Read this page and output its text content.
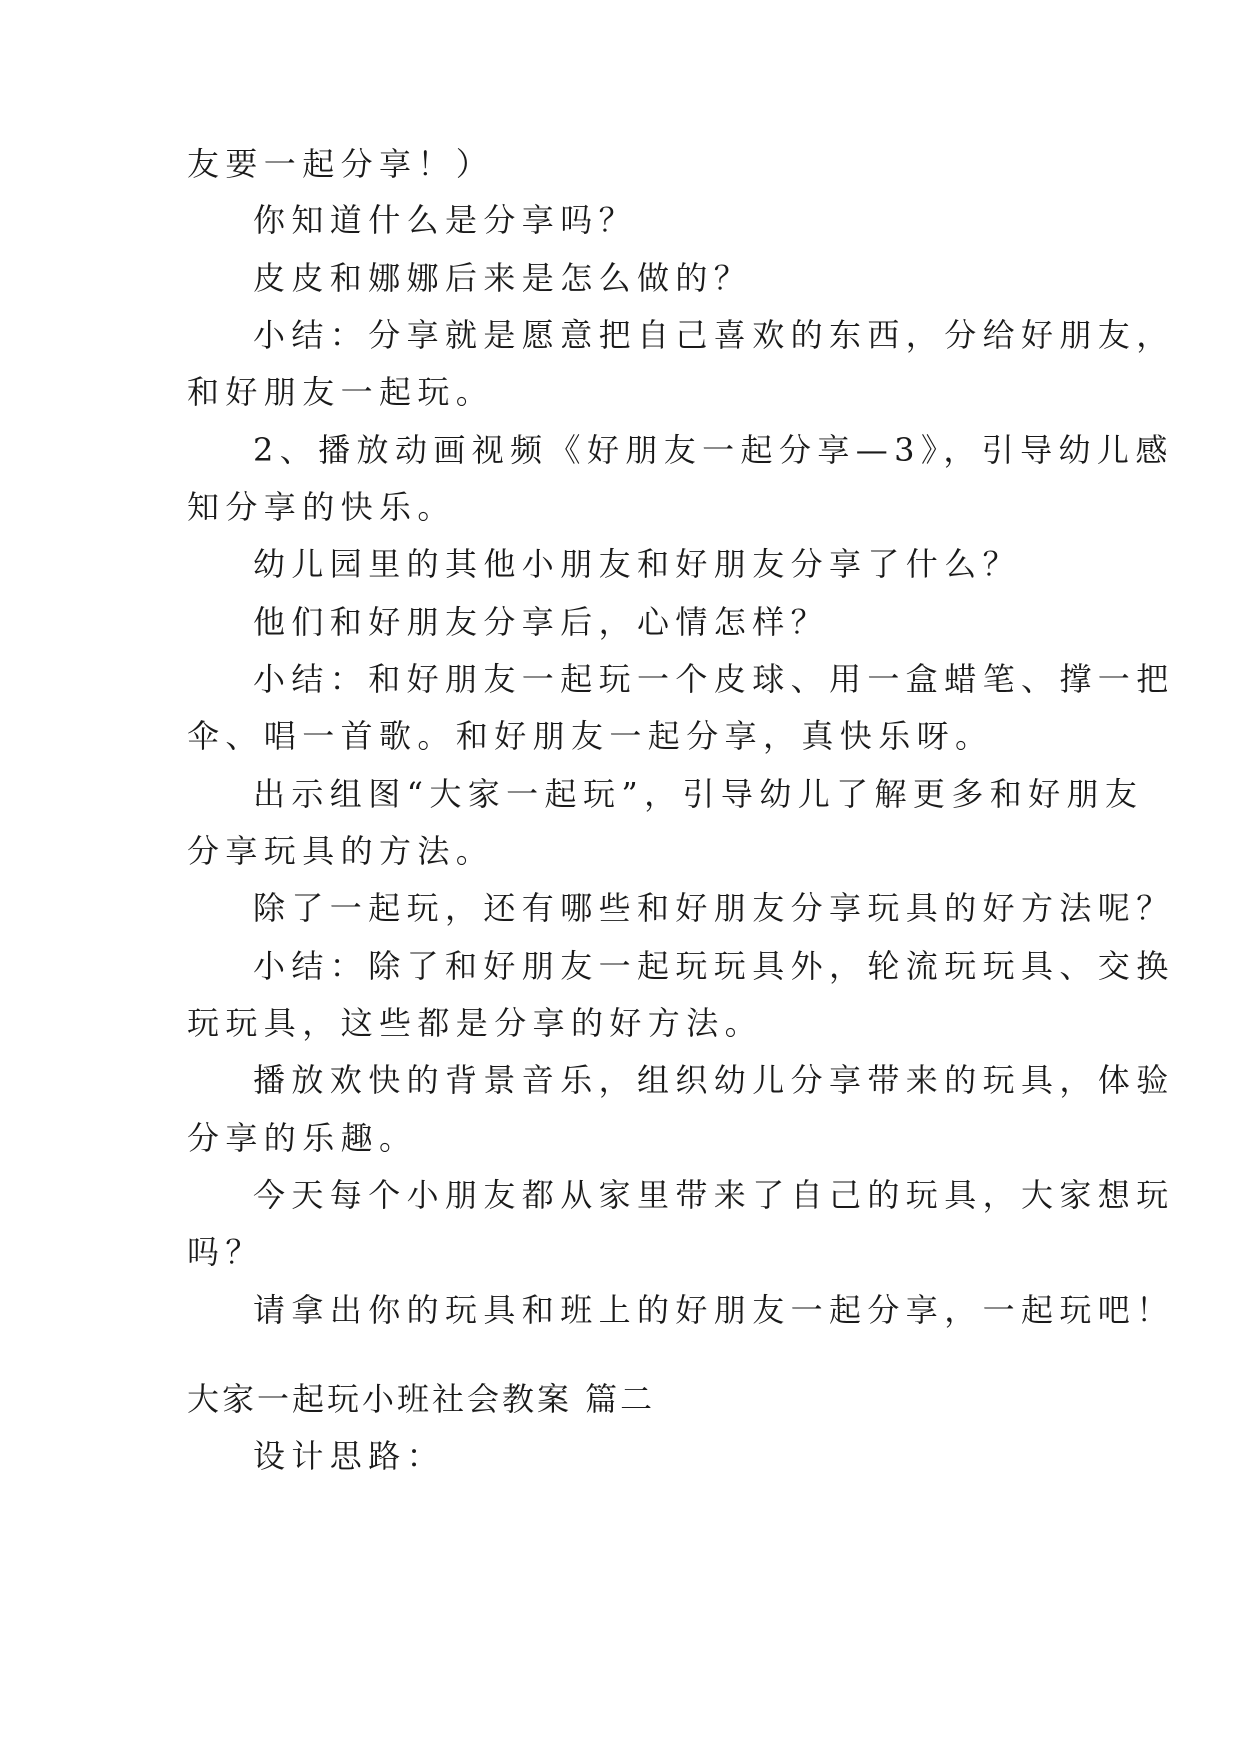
友要一起分享！）
你知道什么是分享吗？
皮皮和娜娜后来是怎么做的？
小结：分享就是愿意把自己喜欢的东西，分给好朋友，
和好朋友一起玩。
2、播放动画视频《好朋友一起分享—3》，引导幼儿感
知分享的快乐。
幼儿园里的其他小朋友和好朋友分享了什么？
他们和好朋友分享后，心情怎样？
小结：和好朋友一起玩一个皮球、用一盒蜡笔、撑一把
伞、唱一首歌。和好朋友一起分享，真快乐呀。
出示组图“大家一起玩”，引导幼儿了解更多和好朋友
分享玩具的方法。
除了一起玩，还有哪些和好朋友分享玩具的好方法呢？
小结：除了和好朋友一起玩玩具外，轮流玩玩具、交换
玩玩具，这些都是分享的好方法。
播放欢快的背景音乐，组织幼儿分享带来的玩具，体验
分享的乐趣。
今天每个小朋友都从家里带来了自己的玩具，大家想玩
吗？
请拿出你的玩具和班上的好朋友一起分享，一起玩吧！
大家一起玩小班社会教案 篇二
设计思路：
